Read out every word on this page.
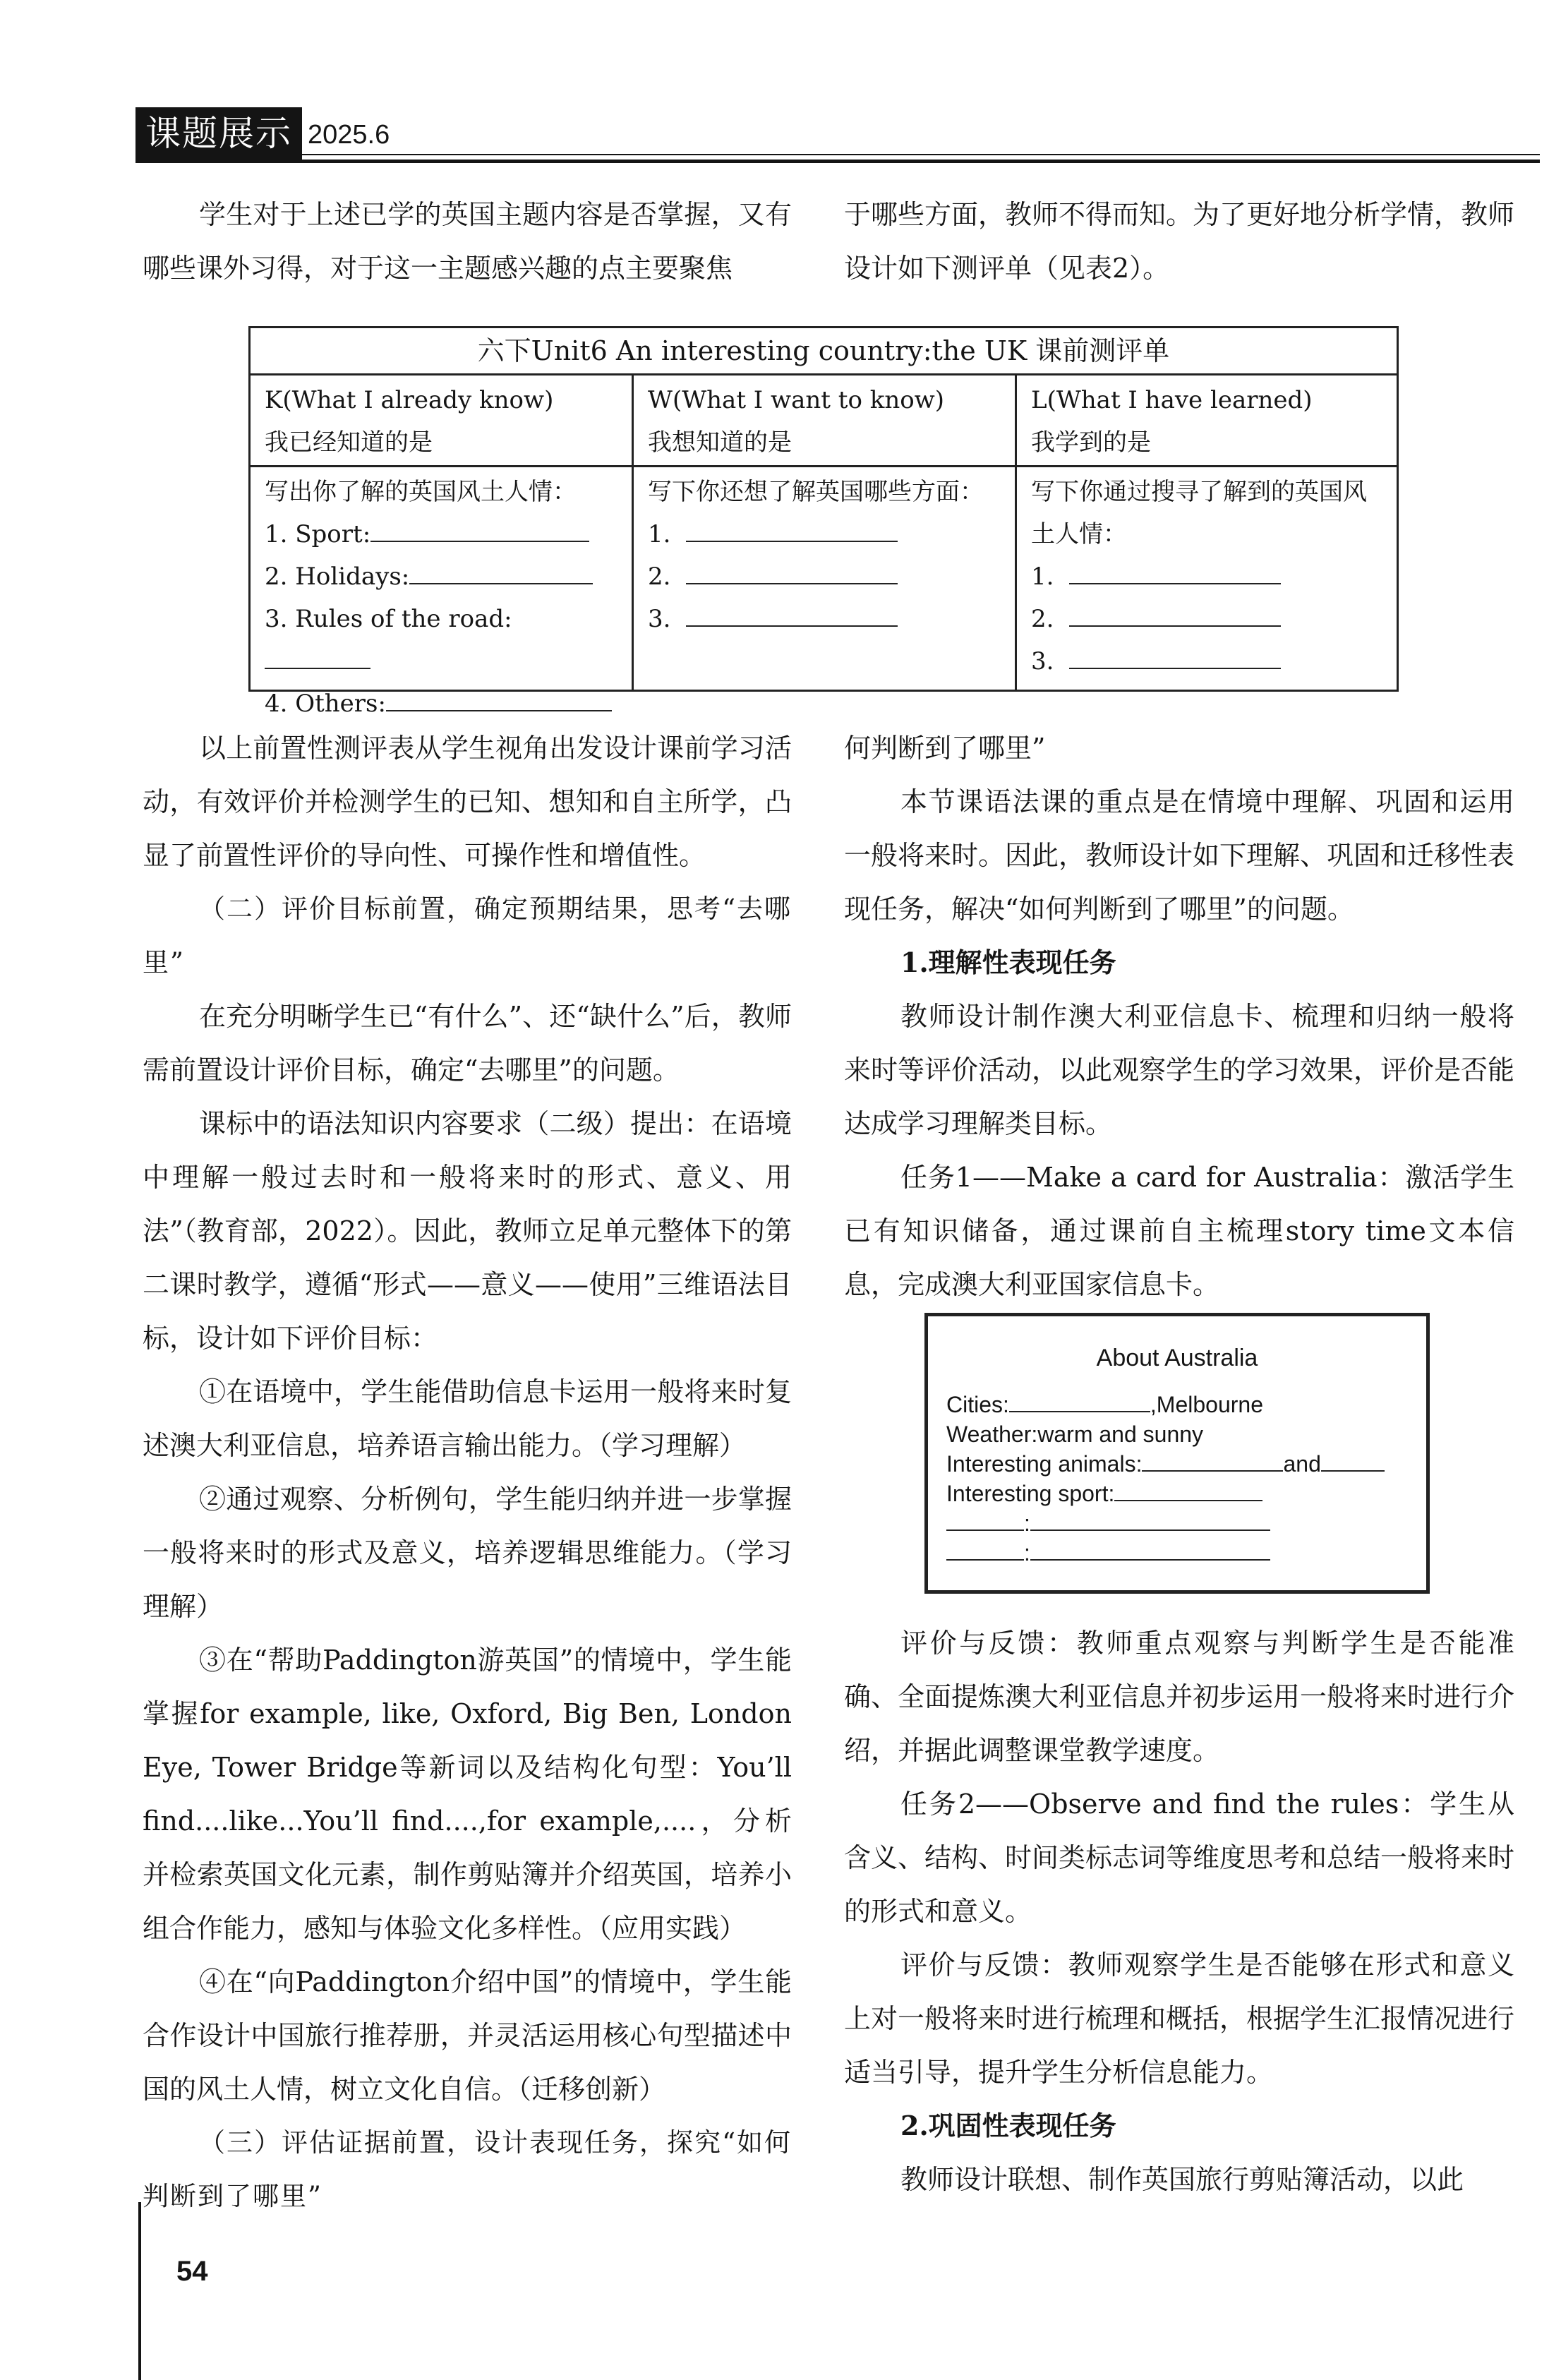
课题展示 2025.6

学生对于上述已学的英国主题内容是否掌握，又有哪些课外习得，对于这一主题感兴趣的点主要聚焦

于哪些方面，教师不得而知。为了更好地分析学情，教师设计如下测评单（见表2）。

六下Unit6 An interesting country:the UK 课前测评单
K(What I already know)
我已经知道的是
W(What I want to know)
我想知道的是
L(What I have learned)
我学到的是
写出你了解的英国风土人情：
1. Sport:
2. Holidays:
3. Rules of the road:
4. Others:
写下你还想了解英国哪些方面：
1.
2.
3.
写下你通过搜寻了解到的英国风土人情：
1.
2.
3.

以上前置性测评表从学生视角出发设计课前学习活动，有效评价并检测学生的已知、想知和自主所学，凸显了前置性评价的导向性、可操作性和增值性。

（二）评价目标前置，确定预期结果，思考“去哪里”

在充分明晰学生已“有什么”、还“缺什么”后，教师需前置设计评价目标，确定“去哪里”的问题。

课标中的语法知识内容要求（二级）提出：在语境中理解一般过去时和一般将来时的形式、意义、用法”（教育部，2022）。因此，教师立足单元整体下的第二课时教学，遵循“形式——意义——使用”三维语法目标，设计如下评价目标：

①在语境中，学生能借助信息卡运用一般将来时复述澳大利亚信息，培养语言输出能力。（学习理解）

②通过观察、分析例句，学生能归纳并进一步掌握一般将来时的形式及意义，培养逻辑思维能力。（学习理解）

③在“帮助Paddington游英国”的情境中，学生能掌握for example, like, Oxford, Big Ben, London Eye, Tower Bridge等新词以及结构化句型：You’ll find....like...You’ll find....,for example,....，分析并检索英国文化元素，制作剪贴簿并介绍英国，培养小组合作能力，感知与体验文化多样性。（应用实践）

④在“向Paddington介绍中国”的情境中，学生能合作设计中国旅行推荐册，并灵活运用核心句型描述中国的风土人情，树立文化自信。（迁移创新）

（三）评估证据前置，设计表现任务，探究“如何判断到了哪里”

何判断到了哪里”

本节课语法课的重点是在情境中理解、巩固和运用一般将来时。因此，教师设计如下理解、巩固和迁移性表现任务，解决“如何判断到了哪里”的问题。

1.理解性表现任务

教师设计制作澳大利亚信息卡、梳理和归纳一般将来时等评价活动，以此观察学生的学习效果，评价是否能达成学习理解类目标。

任务1——Make a card for Australia：激活学生已有知识储备，通过课前自主梳理story time文本信息，完成澳大利亚国家信息卡。

About Australia
Cities:	,Melbourne
Weather:warm and sunny
Interesting animals:	and
Interesting sport:
:
:

评价与反馈：教师重点观察与判断学生是否能准确、全面提炼澳大利亚信息并初步运用一般将来时进行介绍，并据此调整课堂教学速度。

任务2——Observe and find the rules：学生从含义、结构、时间类标志词等维度思考和总结一般将来时的形式和意义。

评价与反馈：教师观察学生是否能够在形式和意义上对一般将来时进行梳理和概括，根据学生汇报情况进行适当引导，提升学生分析信息能力。

2.巩固性表现任务

教师设计联想、制作英国旅行剪贴簿活动，以此

54
